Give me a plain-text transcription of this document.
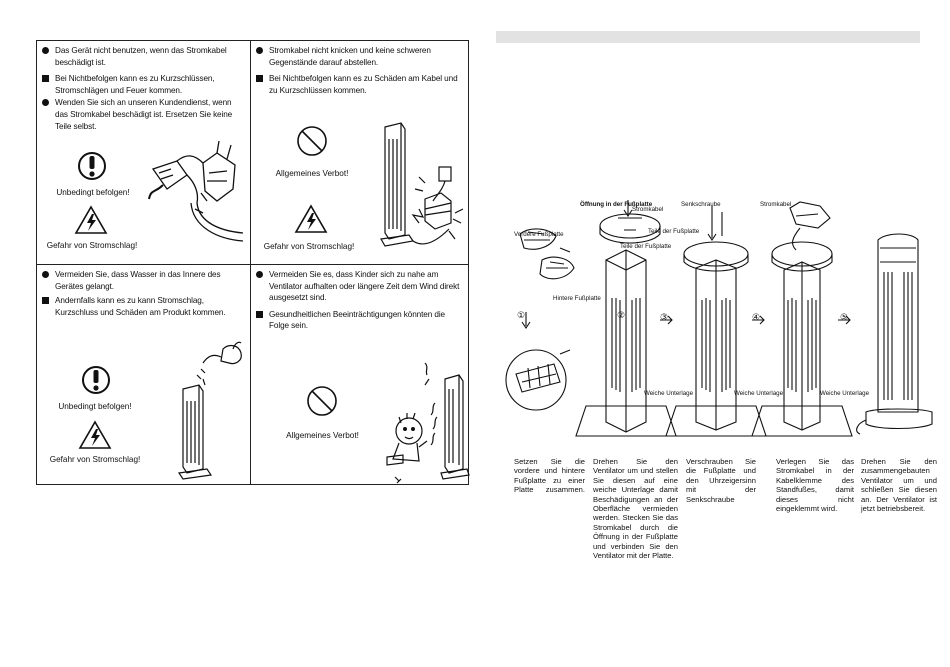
Das Gerät nicht benutzen, wenn das Stromkabel beschädigt ist.

Bei Nichtbefolgen kann es zu Kurzschlüssen, Stromschlägen und Feuer kommen.

Wenden Sie sich an unseren Kundendienst, wenn das Stromkabel beschädigt ist. Ersetzen Sie keine Teile selbst.

Unbedingt befolgen!
Gefahr von Stromschlag!

Stromkabel nicht knicken und keine schweren Gegenstände darauf abstellen.

Bei Nichtbefolgen kann es zu Schäden am Kabel und zu Kurzschlüssen kommen.

Allgemeines Verbot!
Gefahr von Stromschlag!

Vermeiden Sie, dass Wasser in das Innere des Gerätes gelangt.

Andernfalls kann es zu kann Stromschlag, Kurzschluss und Schäden am Produkt kommen.

Unbedingt befolgen!
Gefahr von Stromschlag!

Vermeiden Sie es, dass Kinder sich zu nahe am Ventilator aufhalten oder längere Zeit dem Wind direkt ausgesetzt sind.

Gesundheitlichen Beeinträchtigungen könnten die Folge sein.

Allgemeines Verbot!
Öffnung in der Fußplatte
Stromkabel
Senkschraube	Stromkabel
Vordere Fußplatte
Hintere Fußplatte
Teile der Fußplatte
Teile der Fußplatte
Weiche Unterlage	Weiche Unterlage	Weiche Unterlage
①	②	③	④	⑤
Setzen Sie die vordere und hintere Fußplatte zu einer Platte zusammen.
Drehen Sie den Ventilator um und stellen Sie diesen auf eine weiche Unterlage damit Beschädigungen an der Oberfläche vermieden werden. Stecken Sie das Stromkabel durch die Öffnung in der Fußplatte und verbinden Sie den Ventilator mit der Platte.
Verschrauben Sie die Fußplatte und den Uhrzeigersinn mit der Senkschraube
Verlegen Sie das Stromkabel in der Kabelklemme des Standfußes, damit dieses nicht eingeklemmt wird.
Drehen Sie den zusammengebauten Ventilator um und schließen Sie diesen an. Der Ventilator ist jetzt betriebsbereit.
